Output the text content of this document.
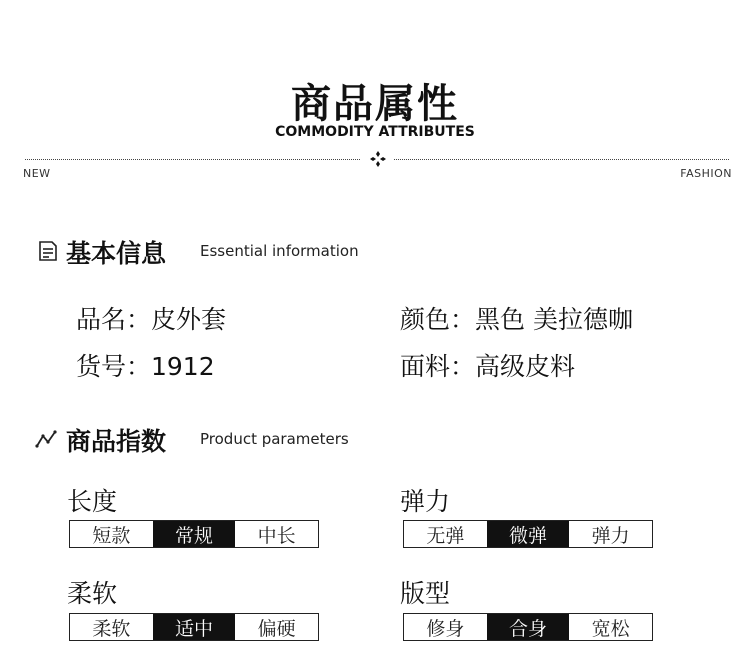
商品属性
COMMODITY ATTRIBUTES
NEW	FASHION
基本信息 Essential information
品名：皮外套	颜色：黑色 美拉德咖
货号：1912	面料：高级皮料
商品指数 Product parameters
长度
短款	常规	中长
弹力
无弹	微弹	弹力
柔软
柔软	适中	偏硬
版型
修身	合身	宽松
